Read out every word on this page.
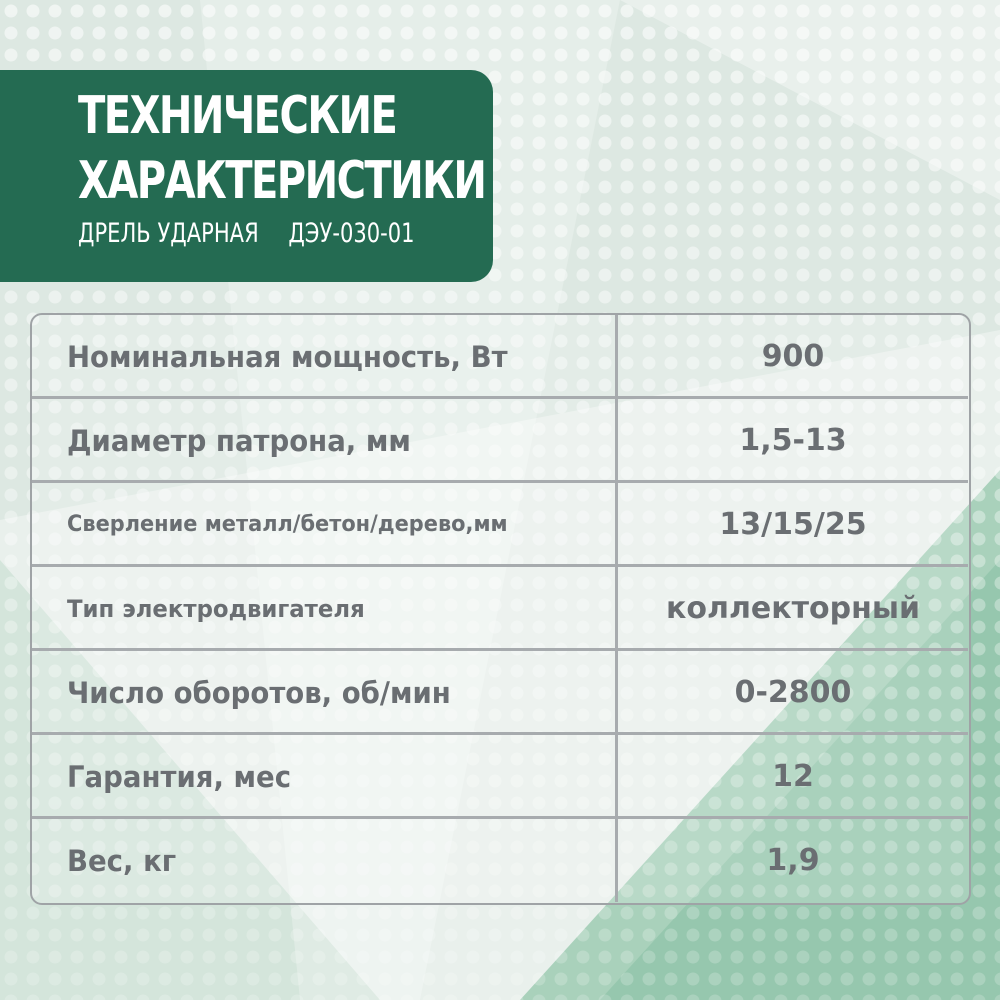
ТЕХНИЧЕСКИЕ
ХАРАКТЕРИСТИКИ
ДРЕЛЬ УДАРНАЯ ДЭУ-030-01
Номинальная мощность, Вт	900
Диаметр патрона, мм	1,5-13
Сверление металл/бетон/дерево,мм	13/15/25
Тип электродвигателя	коллекторный
Число оборотов, об/мин	0-2800
Гарантия, мес	12
Вес, кг	1,9
